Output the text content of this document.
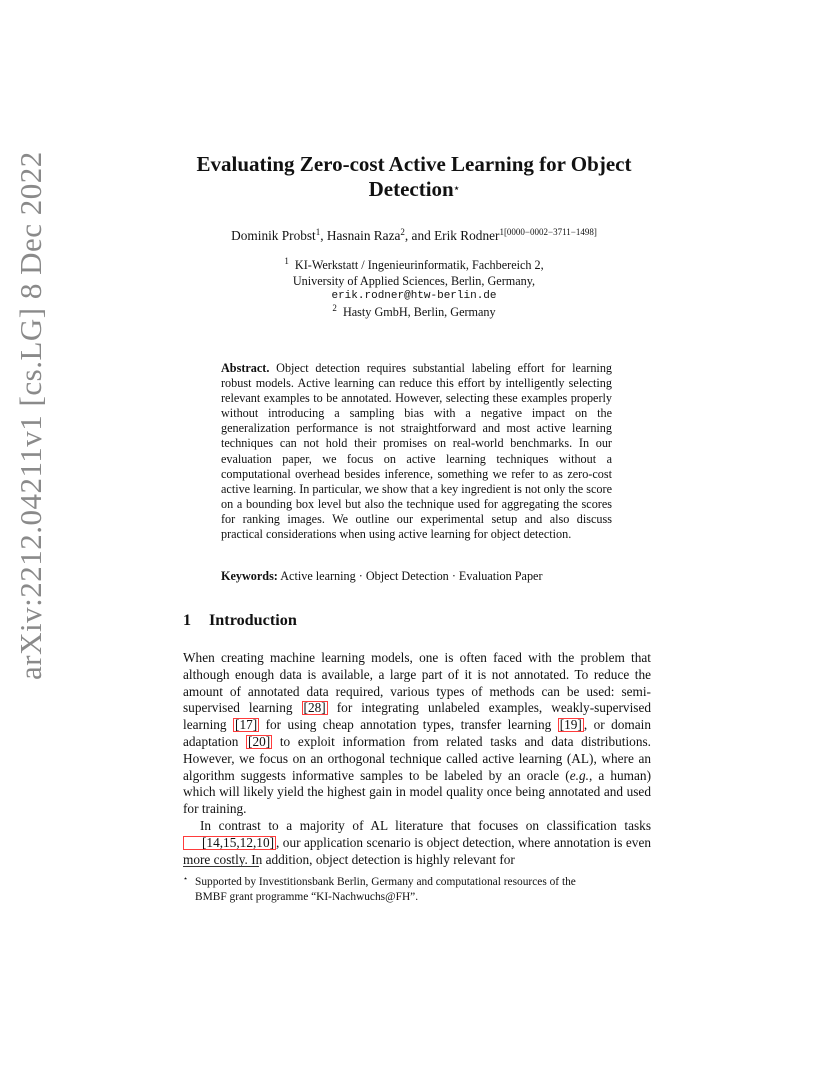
arXiv:2212.04211v1 [cs.LG] 8 Dec 2022	Evaluating Zero-cost Active Learning for Object
Detection⋆
Dominik Probst$^1$, Hasnain Raza$^2$, and Erik Rodner$^{1[0000-0002-3711-1498]}$
$^1$ KI-Werkstatt / Ingenieurinformatik, Fachbereich 2,
University of Applied Sciences, Berlin, Germany,
erik.rodner@htw-berlin.de
$^2$ Hasty GmbH, Berlin, Germany
Abstract. Object detection requires substantial labeling effort for learning robust models. Active learning can reduce this effort by intelligently selecting relevant examples to be annotated. However, selecting these examples properly without introducing a sampling bias with a negative impact on the generalization performance is not straightforward and most active learning techniques can not hold their promises on real-world benchmarks. In our evaluation paper, we focus on active learning techniques without a computational overhead besides inference, something we refer to as zero-cost active learning. In particular, we show that a key ingredient is not only the score on a bounding box level but also the technique used for aggregating the scores for ranking images. We outline our experimental setup and also discuss practical considerations when using active learning for object detection.
Keywords: Active learning · Object Detection · Evaluation Paper
1 Introduction

When creating machine learning models, one is often faced with the problem that although enough data is available, a large part of it is not annotated. To reduce the amount of annotated data required, various types of methods can be used: semi-supervised learning [28] for integrating unlabeled examples, weakly-supervised learning [17] for using cheap annotation types, transfer learning [19] , or domain adaptation [20] to exploit information from related tasks and data distributions. However, we focus on an orthogonal technique called active learning (AL), where an algorithm suggests informative samples to be labeled by an oracle (e.g., a human) which will likely yield the highest gain in model quality once being annotated and used for training.

In contrast to a majority of AL literature that focuses on classification tasks [14,15,12,10] , our application scenario is object detection, where annotation is even more costly. In addition, object detection is highly relevant for

⋆ Supported by Investitionsbank Berlin, Germany and computational resources of the
BMBF grant programme “KI-Nachwuchs@FH”.
